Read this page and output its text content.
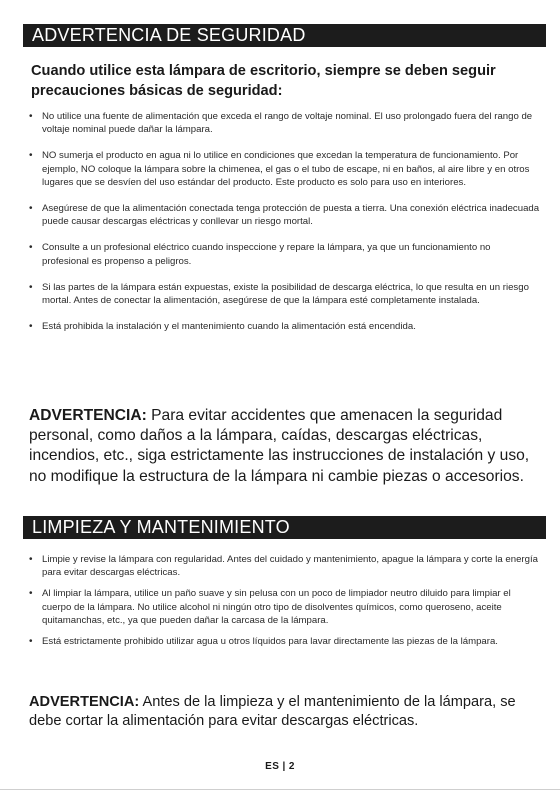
ADVERTENCIA DE SEGURIDAD
Cuando utilice esta lámpara de escritorio, siempre se deben seguir precauciones básicas de seguridad:
• No utilice una fuente de alimentación que exceda el rango de voltaje nominal. El uso prolongado fuera del rango de voltaje nominal puede dañar la lámpara.
• NO sumerja el producto en agua ni lo utilice en condiciones que excedan la temperatura de funcionamiento. Por ejemplo, NO coloque la lámpara sobre la chimenea, el gas o el tubo de escape, ni en baños, al aire libre y en otros lugares que se desvíen del uso estándar del producto. Este producto es solo para uso en interiores.
• Asegúrese de que la alimentación conectada tenga protección de puesta a tierra. Una conexión eléctrica inadecuada puede causar descargas eléctricas y conllevar un riesgo mortal.
• Consulte a un profesional eléctrico cuando inspeccione y repare la lámpara, ya que un funcionamiento no profesional es propenso a peligros.
• Si las partes de la lámpara están expuestas, existe la posibilidad de descarga eléctrica, lo que resulta en un riesgo mortal. Antes de conectar la alimentación, asegúrese de que la lámpara esté completamente instalada.
• Está prohibida la instalación y el mantenimiento cuando la alimentación está encendida.
ADVERTENCIA: Para evitar accidentes que amenacen la seguridad personal, como daños a la lámpara, caídas, descargas eléctricas, incendios, etc., siga estrictamente las instrucciones de instalación y uso, no modifique la estructura de la lámpara ni cambie piezas o accesorios.
LIMPIEZA Y MANTENIMIENTO
• Limpie y revise la lámpara con regularidad. Antes del cuidado y mantenimiento, apague la lámpara y corte la energía para evitar descargas eléctricas.
• Al limpiar la lámpara, utilice un paño suave y sin pelusa con un poco de limpiador neutro diluido para limpiar el cuerpo de la lámpara. No utilice alcohol ni ningún otro tipo de disolventes químicos, como queroseno, aceite quitamanchas, etc., ya que pueden dañar la carcasa de la lámpara.
• Está estrictamente prohibido utilizar agua u otros líquidos para lavar directamente las piezas de la lámpara.
ADVERTENCIA: Antes de la limpieza y el mantenimiento de la lámpara, se debe cortar la alimentación para evitar descargas eléctricas.
ES | 2
